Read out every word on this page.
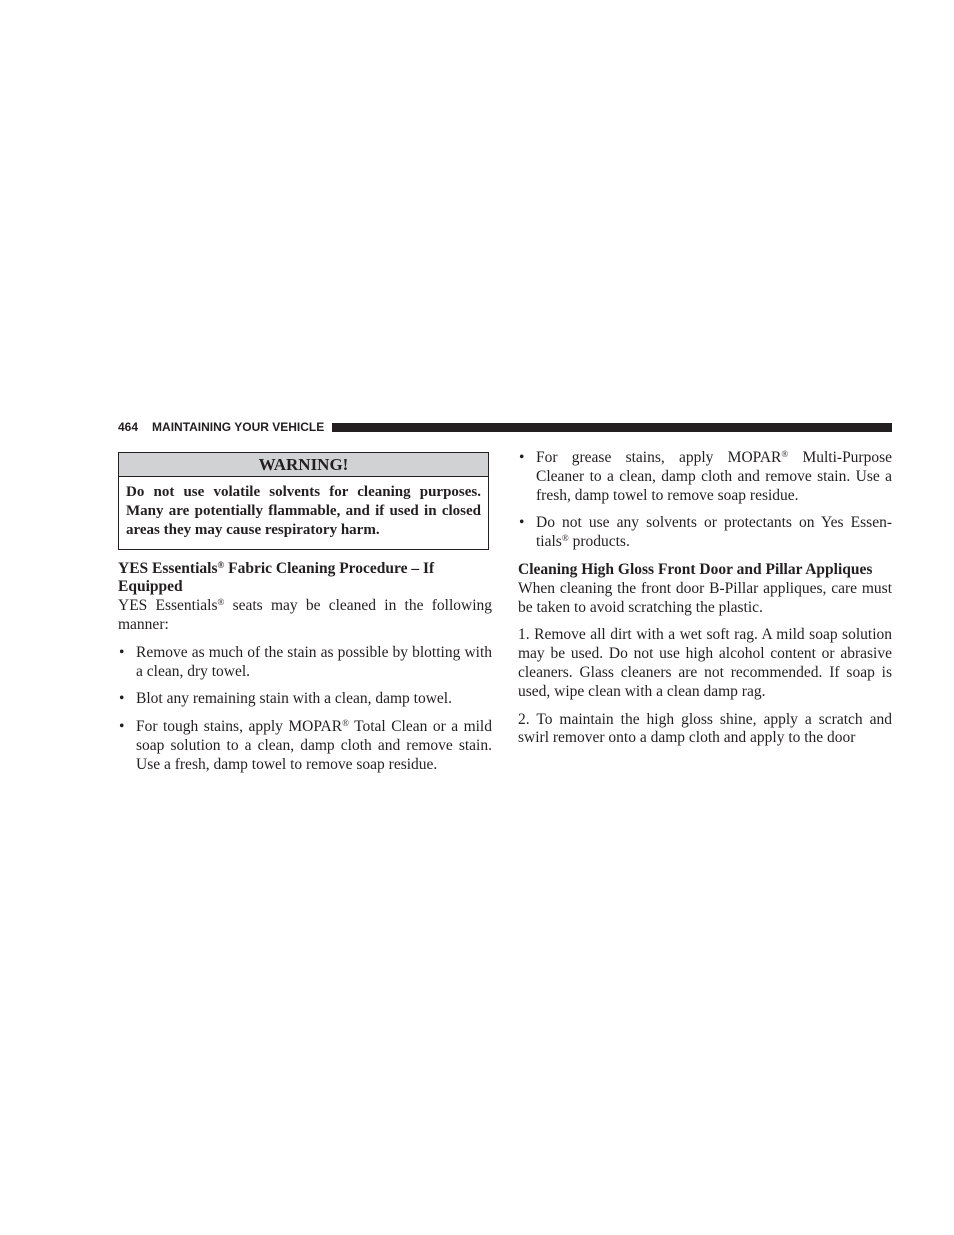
464 MAINTAINING YOUR VEHICLE
WARNING!
Do not use volatile solvents for cleaning purposes. Many are potentially flammable, and if used in closed areas they may cause respiratory harm.
YES Essentials® Fabric Cleaning Procedure – If Equipped

YES Essentials® seats may be cleaned in the following manner:

• Remove as much of the stain as possible by blotting with a clean, dry towel.
• Blot any remaining stain with a clean, damp towel.
• For tough stains, apply MOPAR® Total Clean or a mild soap solution to a clean, damp cloth and remove stain. Use a fresh, damp towel to remove soap residue.
• For grease stains, apply MOPAR® Multi-Purpose Cleaner to a clean, damp cloth and remove stain. Use a fresh, damp towel to remove soap residue.
• Do not use any solvents or protectants on Yes Essen-tials® products.
Cleaning High Gloss Front Door and Pillar Appliques

When cleaning the front door B-Pillar appliques, care must be taken to avoid scratching the plastic.

1. Remove all dirt with a wet soft rag. A mild soap solution may be used. Do not use high alcohol content or abrasive cleaners. Glass cleaners are not recommended. If soap is used, wipe clean with a clean damp rag.

2. To maintain the high gloss shine, apply a scratch and swirl remover onto a damp cloth and apply to the door
